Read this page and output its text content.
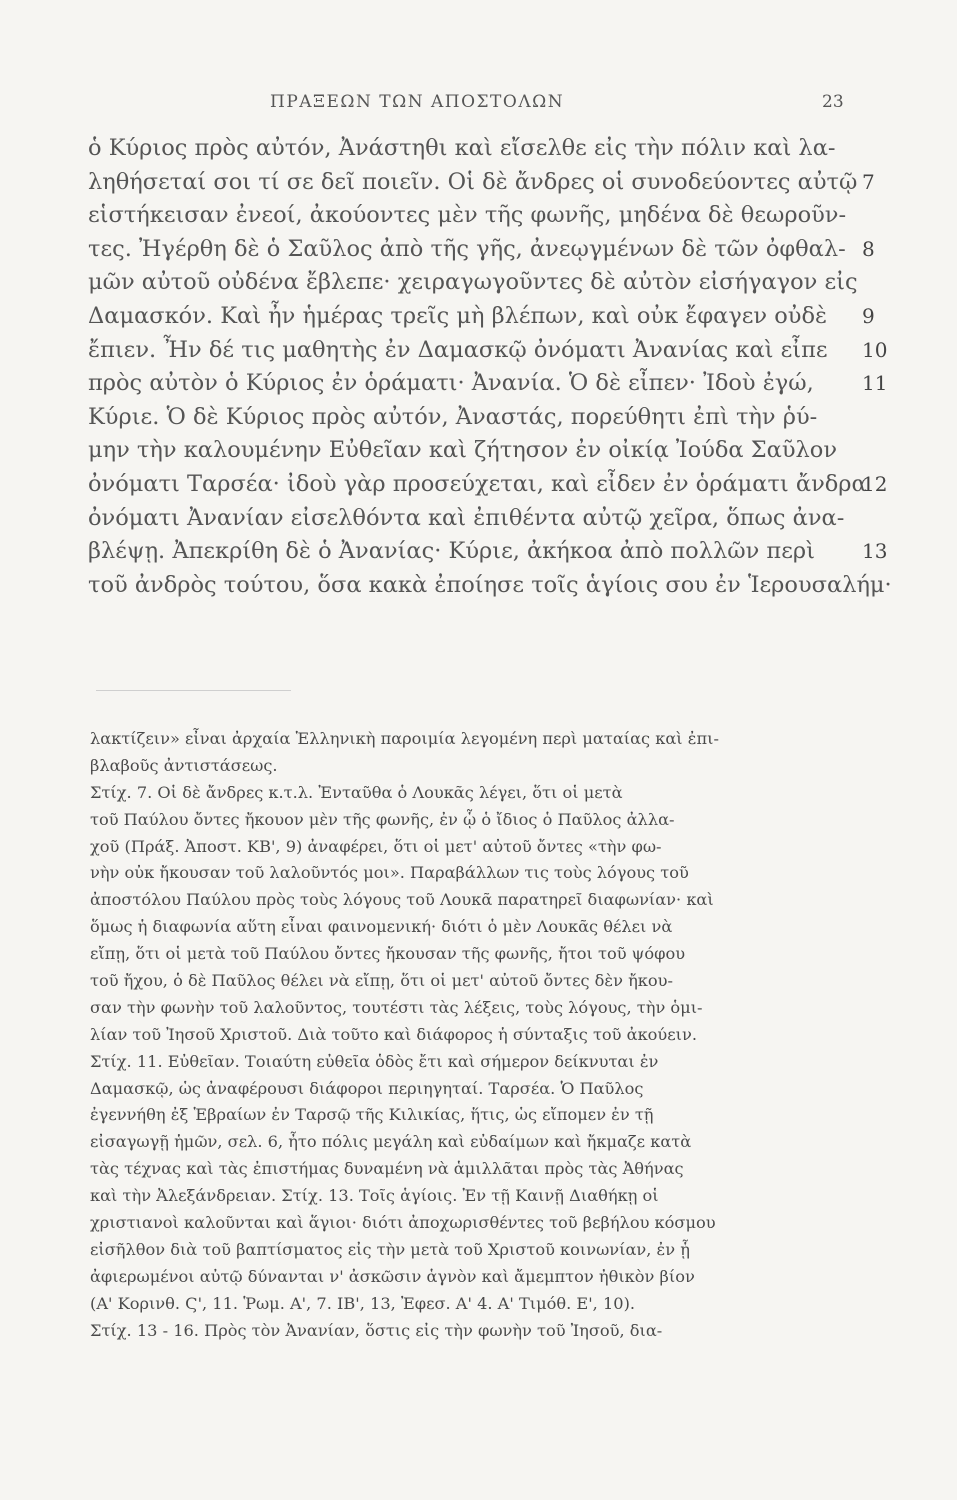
ΠΡΑΞΕΩΝ ΤΩΝ ΑΠΟΣΤΟΛΩΝ	23
ὁ Κύριος πρὸς αὐτόν, Ἀνάστηθι καὶ εἴσελθε εἰς τὴν πόλιν καὶ λα-
ληθήσεταί σοι τί σε δεῖ ποιεῖν. Οἱ δὲ ἄνδρες οἱ συνοδεύοντες αὐτῷ
εἱστήκεισαν ἐνεοί, ἀκούοντες μὲν τῆς φωνῆς, μηδένα δὲ θεωροῦν-
τες. Ἠγέρθη δὲ ὁ Σαῦλος ἀπὸ τῆς γῆς, ἀνεῳγμένων δὲ τῶν ὀφθαλ-
μῶν αὐτοῦ οὐδένα ἔβλεπε· χειραγωγοῦντες δὲ αὐτὸν εἰσήγαγον εἰς
Δαμασκόν. Καὶ ἦν ἡμέρας τρεῖς μὴ βλέπων, καὶ οὐκ ἔφαγεν οὐδὲ
ἔπιεν. Ἦν δέ τις μαθητὴς ἐν Δαμασκῷ ὀνόματι Ἀνανίας καὶ εἶπε
πρὸς αὐτὸν ὁ Κύριος ἐν ὁράματι· Ἀνανία. Ὁ δὲ εἶπεν· Ἰδοὺ ἐγώ,
Κύριε. Ὁ δὲ Κύριος πρὸς αὐτόν, Ἀναστάς, πορεύθητι ἐπὶ τὴν ῥύ-
μην τὴν καλουμένην Εὐθεῖαν καὶ ζήτησον ἐν οἰκίᾳ Ἰούδα Σαῦλον
ὀνόματι Ταρσέα· ἰδοὺ γὰρ προσεύχεται, καὶ εἶδεν ἐν ὁράματι ἄνδρα
ὀνόματι Ἀνανίαν εἰσελθόντα καὶ ἐπιθέντα αὐτῷ χεῖρα, ὅπως ἀνα-
βλέψῃ. Ἀπεκρίθη δὲ ὁ Ἀνανίας· Κύριε, ἀκήκοα ἀπὸ πολλῶν περὶ
τοῦ ἀνδρὸς τούτου, ὅσα κακὰ ἐποίησε τοῖς ἁγίοις σου ἐν Ἱερουσαλήμ·
7
8
9
10
11
12
13
λακτίζειν» εἶναι ἀρχαία Ἑλληνικὴ παροιμία λεγομένη περὶ ματαίας καὶ ἐπι-
βλαβοῦς ἀντιστάσεως.
Στίχ. 7. Οἱ δὲ ἄνδρες κ.τ.λ. Ἐνταῦθα ὁ Λουκᾶς λέγει, ὅτι οἱ μετὰ
τοῦ Παύλου ὄντες ἤκουον μὲν τῆς φωνῆς, ἐν ᾧ ὁ ἴδιος ὁ Παῦλος ἀλλα-
χοῦ (Πράξ. Ἀποστ. ΚΒ', 9) ἀναφέρει, ὅτι οἱ μετ' αὐτοῦ ὄντες «τὴν φω-
νὴν οὐκ ἤκουσαν τοῦ λαλοῦντός μοι». Παραβάλλων τις τοὺς λόγους τοῦ
ἀποστόλου Παύλου πρὸς τοὺς λόγους τοῦ Λουκᾶ παρατηρεῖ διαφωνίαν· καὶ
ὅμως ἡ διαφωνία αὕτη εἶναι φαινομενική· διότι ὁ μὲν Λουκᾶς θέλει νὰ
εἴπῃ, ὅτι οἱ μετὰ τοῦ Παύλου ὄντες ἤκουσαν τῆς φωνῆς, ἤτοι τοῦ ψόφου
τοῦ ἤχου, ὁ δὲ Παῦλος θέλει νὰ εἴπῃ, ὅτι οἱ μετ' αὐτοῦ ὄντες δὲν ἤκου-
σαν τὴν φωνὴν τοῦ λαλοῦντος, τουτέστι τὰς λέξεις, τοὺς λόγους, τὴν ὁμι-
λίαν τοῦ Ἰησοῦ Χριστοῦ. Διὰ τοῦτο καὶ διάφορος ἡ σύνταξις τοῦ ἀκούειν.
Στίχ. 11. Εὐθεῖαν. Τοιαύτη εὐθεῖα ὁδὸς ἔτι καὶ σήμερον δείκνυται ἐν
Δαμασκῷ, ὡς ἀναφέρουσι διάφοροι περιηγηταί. Ταρσέα. Ὁ Παῦλος
ἐγεννήθη ἐξ Ἑβραίων ἐν Ταρσῷ τῆς Κιλικίας, ἥτις, ὡς εἴπομεν ἐν τῇ
εἰσαγωγῇ ἡμῶν, σελ. 6, ἦτο πόλις μεγάλη καὶ εὐδαίμων καὶ ἤκμαζε κατὰ
τὰς τέχνας καὶ τὰς ἐπιστήμας δυναμένη νὰ ἁμιλλᾶται πρὸς τὰς Ἀθήνας
καὶ τὴν Ἀλεξάνδρειαν. Στίχ. 13. Τοῖς ἁγίοις. Ἐν τῇ Καινῇ Διαθήκῃ οἱ
χριστιανοὶ καλοῦνται καὶ ἅγιοι· διότι ἀποχωρισθέντες τοῦ βεβήλου κόσμου
εἰσῆλθον διὰ τοῦ βαπτίσματος εἰς τὴν μετὰ τοῦ Χριστοῦ κοινωνίαν, ἐν ᾗ
ἀφιερωμένοι αὐτῷ δύνανται ν' ἀσκῶσιν ἁγνὸν καὶ ἄμεμπτον ἠθικὸν βίον
(Α' Κορινθ. Ϛ', 11. Ῥωμ. Α', 7. ΙΒ', 13, Ἐφεσ. Α' 4. Α' Τιμόθ. Ε', 10).
Στίχ. 13 - 16. Πρὸς τὸν Ἀνανίαν, ὅστις εἰς τὴν φωνὴν τοῦ Ἰησοῦ, δια-
